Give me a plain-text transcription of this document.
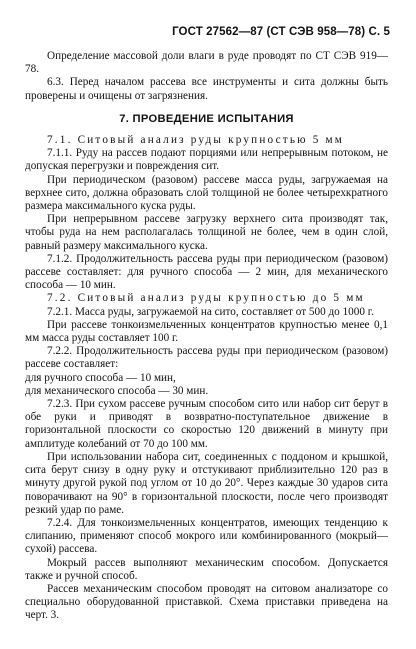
ГОСТ 27562—87 (СТ СЭВ 958—78) С. 5

Определение массовой доли влаги в руде проводят по СТ СЭВ 919—78.

6.3. Перед началом рассева все инструменты и сита должны быть проверены и очищены от загрязнения.

7. ПРОВЕДЕНИЕ ИСПЫТАНИЯ

7.1. Ситовый анализ руды крупностью 5 мм

7.1.1. Руду на рассев подают порциями или непрерывным потоком, не допуская перегрузки и повреждения сит.

При периодическом (разовом) рассеве масса руды, загружаемая на верхнее сито, должна образовать слой толщиной не более четырехкратного размера максимального куска руды.

При непрерывном рассеве загрузку верхнего сита производят так, чтобы руда на нем располагалась толщиной не более, чем в один слой, равный размеру максимального куска.

7.1.2. Продолжительность рассева руды при периодическом (разовом) рассеве составляет: для ручного способа — 2 мин, для механического способа — 10 мин.

7.2. Ситовый анализ руды крупностью до 5 мм

7.2.1. Масса руды, загружаемой на сито, составляет от 500 до 1000 г.

При рассеве тонкоизмельченных концентратов крупностью менее 0,1 мм масса руды составляет 100 г.

7.2.2. Продолжительность рассева руды при периодическом (разовом) рассеве составляет:

для ручного способа — 10 мин,

для механического способа — 30 мин.

7.2.3. При сухом рассеве ручным способом сито или набор сит берут в обе руки и приводят в возвратно-поступательное движение в горизонтальной плоскости со скоростью 120 движений в минуту при амплитуде колебаний от 70 до 100 мм.

При использовании набора сит, соединенных с поддоном и крышкой, сита берут снизу в одну руку и отстукивают приблизительно 120 раз в минуту другой рукой под углом от 10 до 20°. Через каждые 30 ударов сита поворачивают на 90° в горизонтальной плоскости, после чего производят резкий удар по раме.

7.2.4. Для тонкоизмельченных концентратов, имеющих тенденцию к слипанию, применяют способ мокрого или комбинированного (мокрый—сухой) рассева.

Мокрый рассев выполняют механическим способом. Допускается также и ручной способ.

Рассев механическим способом проводят на ситовом анализаторе со специально оборудованной приставкой. Схема приставки приведена на черт. 3.
